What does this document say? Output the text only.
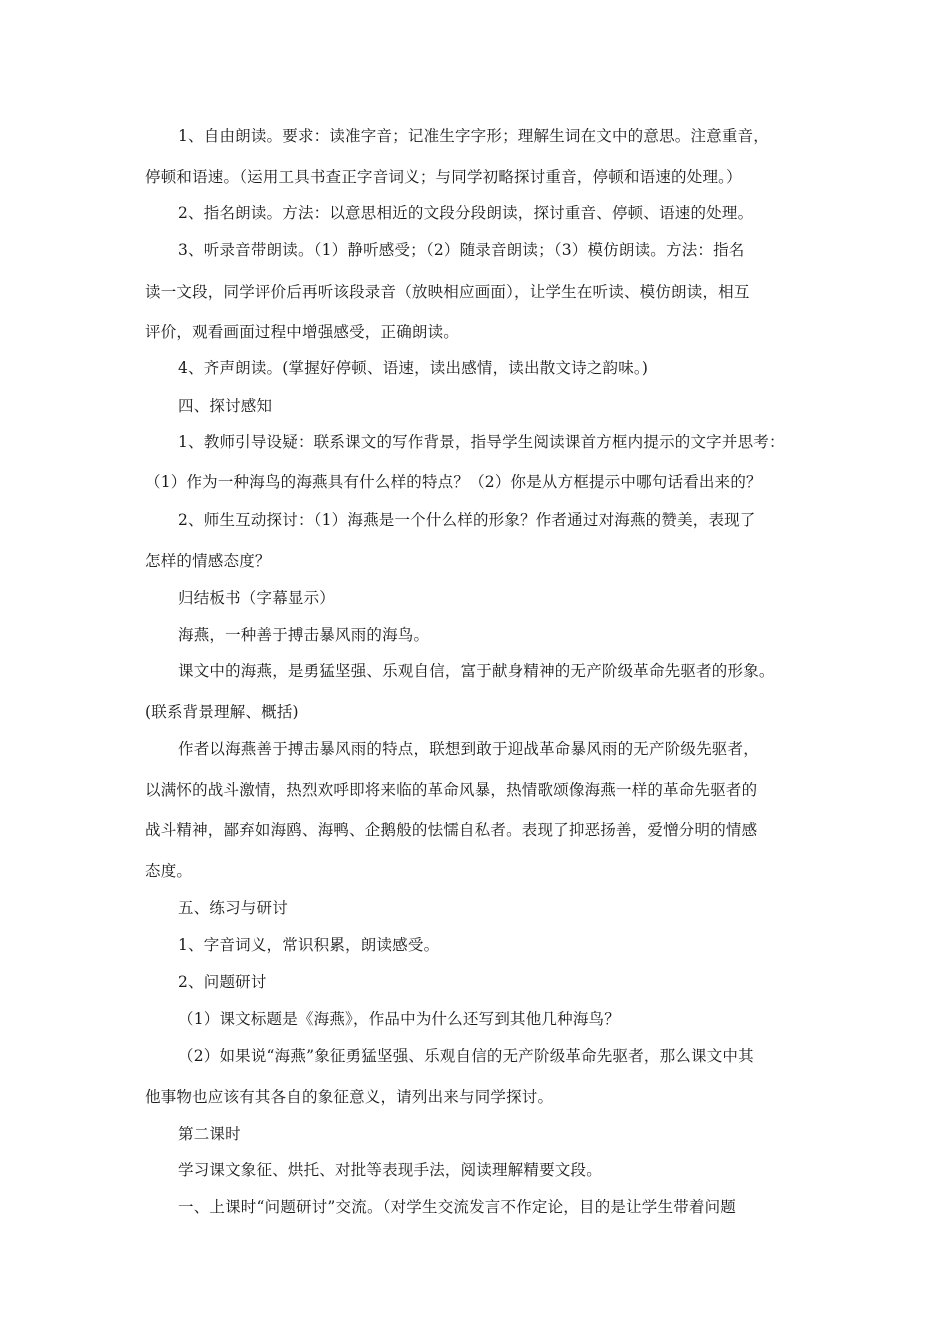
1、自由朗读。要求：读准字音；记准生字字形；理解生词在文中的意思。注意重音，
停顿和语速。（运用工具书查正字音词义；与同学初略探讨重音，停顿和语速的处理。）
2、指名朗读。方法：以意思相近的文段分段朗读，探讨重音、停顿、语速的处理。
3、听录音带朗读。（1）静听感受；（2）随录音朗读；（3）模仿朗读。方法：指名
读一文段，同学评价后再听该段录音（放映相应画面），让学生在听读、模仿朗读，相互
评价，观看画面过程中增强感受，正确朗读。
4、齐声朗读。(掌握好停顿、语速，读出感情，读出散文诗之韵味。)
四、探讨感知
1、教师引导设疑：联系课文的写作背景，指导学生阅读课首方框内提示的文字并思考：
（1）作为一种海鸟的海燕具有什么样的特点？（2）你是从方框提示中哪句话看出来的？
2、师生互动探讨：（1）海燕是一个什么样的形象？作者通过对海燕的赞美，表现了
怎样的情感态度？
归结板书（字幕显示）
海燕，一种善于搏击暴风雨的海鸟。
课文中的海燕，是勇猛坚强、乐观自信，富于献身精神的无产阶级革命先驱者的形象。
(联系背景理解、概括)
作者以海燕善于搏击暴风雨的特点，联想到敢于迎战革命暴风雨的无产阶级先驱者，
以满怀的战斗激情，热烈欢呼即将来临的革命风暴，热情歌颂像海燕一样的革命先驱者的
战斗精神，鄙弃如海鸥、海鸭、企鹅般的怯懦自私者。表现了抑恶扬善，爱憎分明的情感
态度。
五、练习与研讨
1、字音词义，常识积累，朗读感受。
2、问题研讨
（1）课文标题是《海燕》，作品中为什么还写到其他几种海鸟？
（2）如果说“海燕”象征勇猛坚强、乐观自信的无产阶级革命先驱者，那么课文中其
他事物也应该有其各自的象征意义，请列出来与同学探讨。
第二课时
学习课文象征、烘托、对批等表现手法，阅读理解精要文段。
一、上课时“问题研讨”交流。（对学生交流发言不作定论，目的是让学生带着问题
